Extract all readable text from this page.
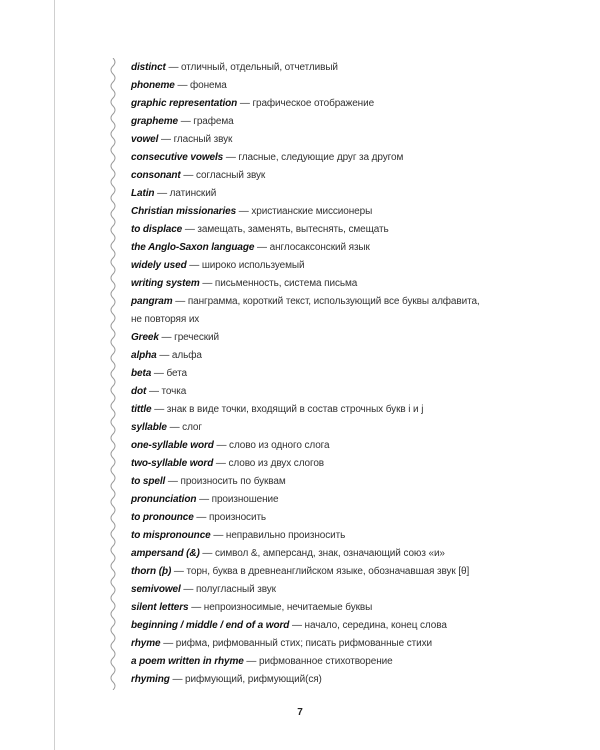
distinct — отличный, отдельный, отчетливый
phoneme — фонема
graphic representation — графическое отображение
grapheme — графема
vowel — гласный звук
consecutive vowels — гласные, следующие друг за другом
consonant — согласный звук
Latin — латинский
Christian missionaries — христианские миссионеры
to displace — замещать, заменять, вытеснять, смещать
the Anglo-Saxon language — англосаксонский язык
widely used — широко используемый
writing system — письменность, система письма
pangram — панграмма, короткий текст, использующий все буквы алфавита, не повторяя их
Greek — греческий
alpha — альфа
beta — бета
dot — точка
tittle — знак в виде точки, входящий в состав строчных букв i и j
syllable — слог
one-syllable word — слово из одного слога
two-syllable word — слово из двух слогов
to spell — произносить по буквам
pronunciation — произношение
to pronounce — произносить
to mispronounce — неправильно произносить
ampersand (&) — символ &, амперсанд, знак, означающий союз «и»
thorn (þ) — торн, буква в древнеанглийском языке, обозначавшая звук [θ]
semivowel — полугласный звук
silent letters — непроизносимые, нечитаемые буквы
beginning / middle / end of a word — начало, середина, конец слова
rhyme — рифма, рифмованный стих; писать рифмованные стихи
a poem written in rhyme — рифмованное стихотворение
rhyming — рифмующий, рифмующий(ся)
7
